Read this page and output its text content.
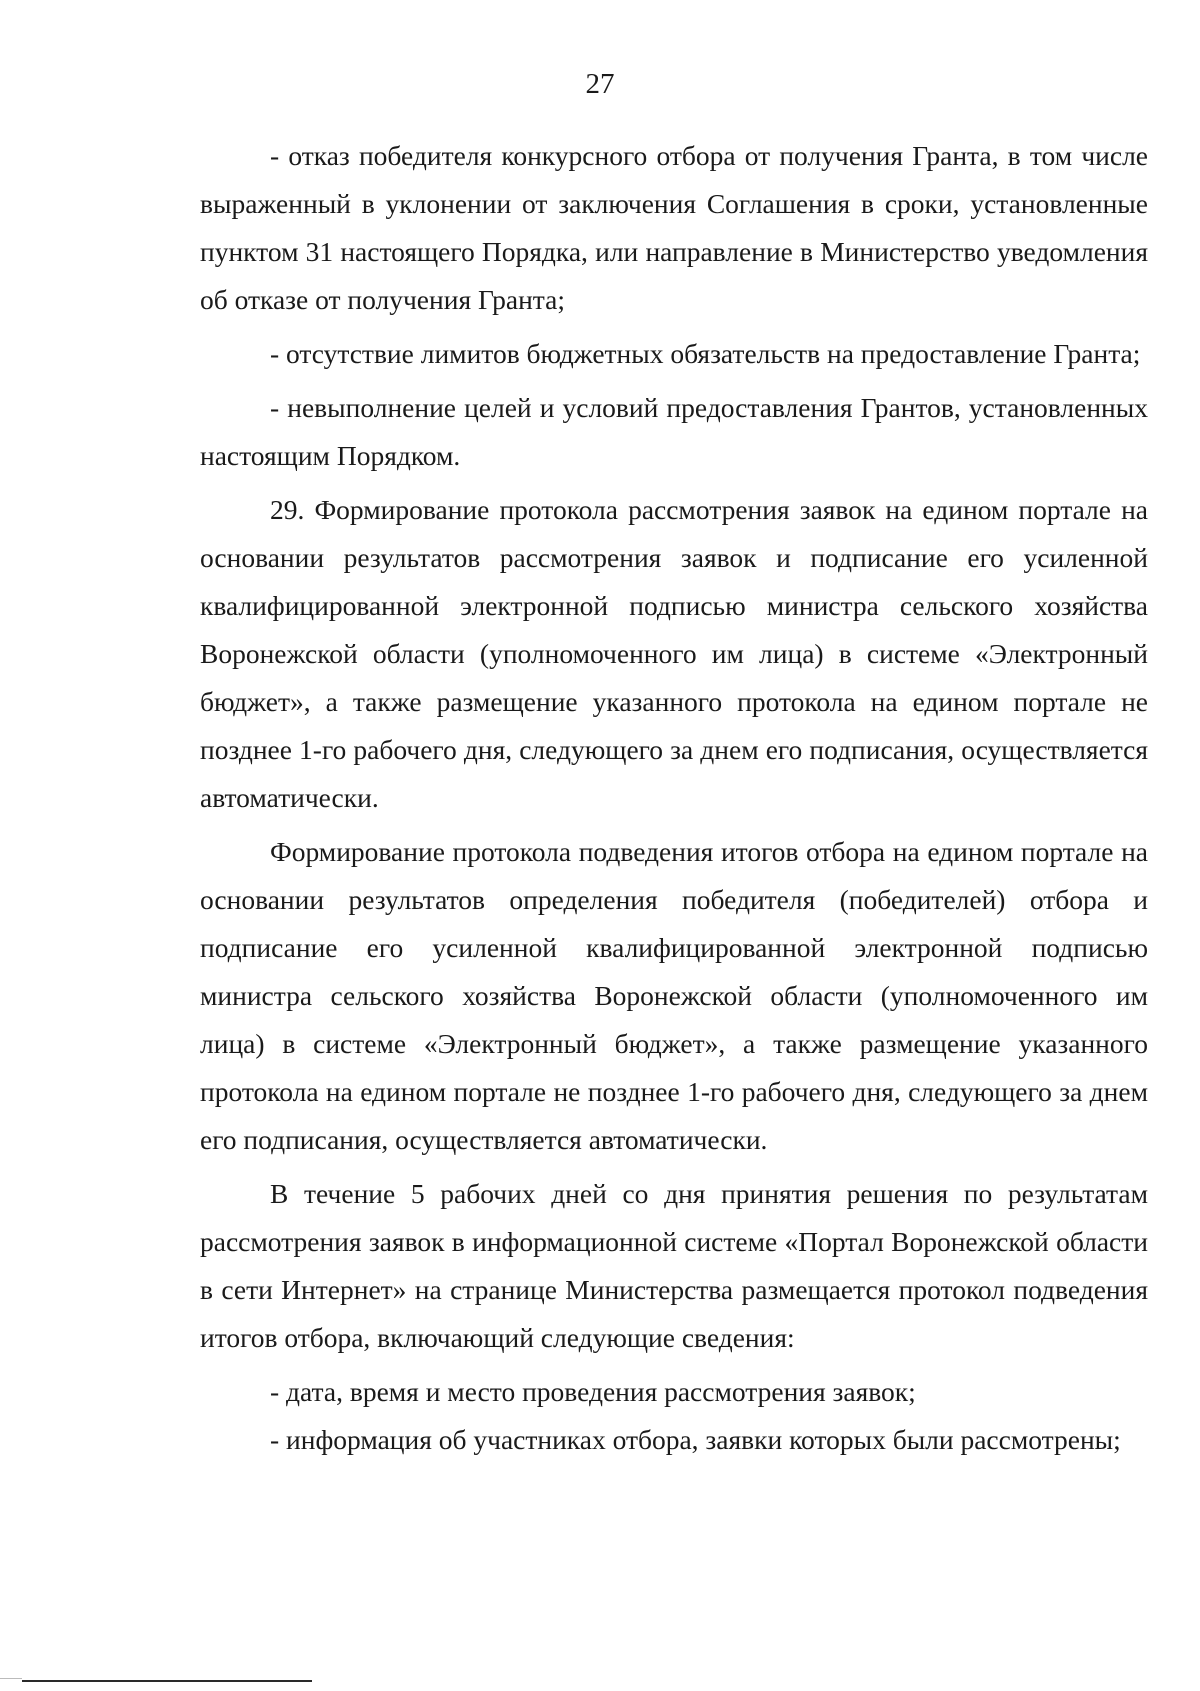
27

- отказ победителя конкурсного отбора от получения Гранта, в том числе выраженный в уклонении от заключения Соглашения в сроки, установленные пунктом 31 настоящего Порядка, или направление в Министерство уведомления об отказе от получения Гранта;

- отсутствие лимитов бюджетных обязательств на предоставление Гранта;

- невыполнение целей и условий предоставления Грантов, установленных настоящим Порядком.

29. Формирование протокола рассмотрения заявок на едином портале на основании результатов рассмотрения заявок и подписание его усиленной квалифицированной электронной подписью министра сельского хозяйства Воронежской области (уполномоченного им лица) в системе «Электронный бюджет», а также размещение указанного протокола на едином портале не позднее 1-го рабочего дня, следующего за днем его подписания, осуществляется автоматически.

Формирование протокола подведения итогов отбора на едином портале на основании результатов определения победителя (победителей) отбора и подписание его усиленной квалифицированной электронной подписью министра сельского хозяйства Воронежской области (уполномоченного им лица) в системе «Электронный бюджет», а также размещение указанного протокола на едином портале не позднее 1-го рабочего дня, следующего за днем его подписания, осуществляется автоматически.

В течение 5 рабочих дней со дня принятия решения по результатам рассмотрения заявок в информационной системе «Портал Воронежской области в сети Интернет» на странице Министерства размещается протокол подведения итогов отбора, включающий следующие сведения:

- дата, время и место проведения рассмотрения заявок;

- информация об участниках отбора, заявки которых были рассмотрены;
